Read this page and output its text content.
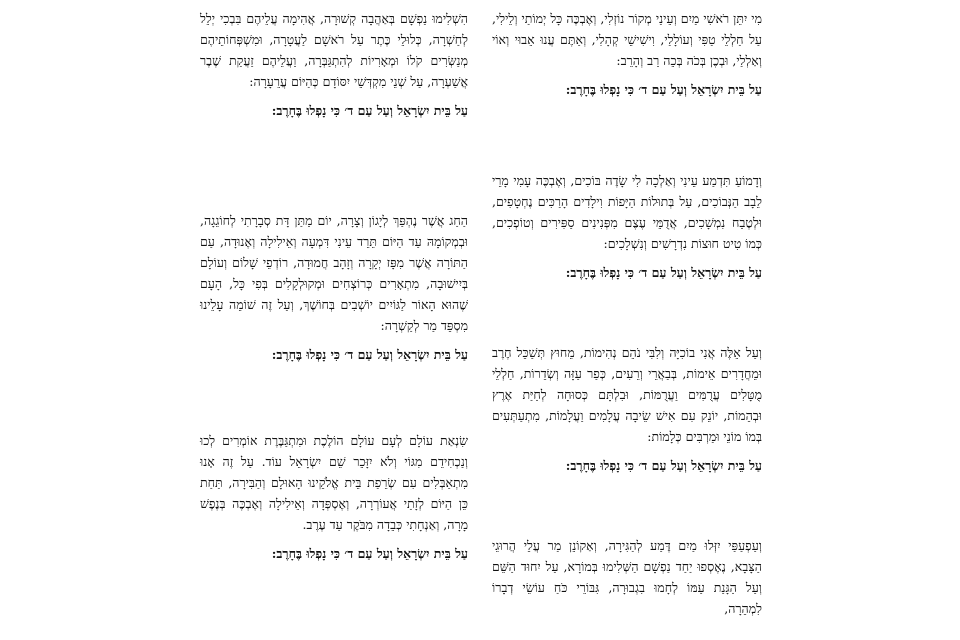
מִי יִתֵּן רֹאשִׁי מַיִם וְעֵינַי מְקוֹר נוֹזְלִי, וְאֶבְכֶּה כָּל יְמוֹתַי וְלֵילִי, עַל חַלְלֵי טַפִּי וְעוֹלָלַי, וִישִׁישֵׁי קְהָלִי, וְאַתֶּם עֲנוּ אֵבוּי וְאוֹי וְאַלְלַי, וּבְכֶן בְּכֹה בְּכֵה רַב וְהָרֵב:

עַל בֵּית יִשְׂרָאֵל וְעַל עַם ד׳ כִּי נָפְלוּ בֶּחָרֶב:

וְדָמוֹעַ תִּדְמַע עֵינִי וְאַלְכָה לִי שָׂדֶה בּוֹכִים, וְאֶבְכֶּה עָמִי מָרֵי לֵבָב הַנְּבוֹכִים, עַל בְּתוּלוֹת הַיָּפוֹת וִילָדִים הָרַכִּים נֶחְטָפִים, וּלְטֶבַח נִמְשָׁכִים, אֲדֻמֵּי עֶצֶם מִפְּנִינִים סַפִּירִים וְטוֹפְכִים, כְּמוֹ טִיט חוּצוֹת נִדְרָשִׁים וְנִשְׁלָכִים:

עַל בֵּית יִשְׂרָאֵל וְעַל עַם ד׳ כִּי נָפְלוּ בֶּחָרֶב:

וְעַל אֵלֶּה אֲנִי בוֹכִיָּה וְלִבִּי נֹהֵם נְהִימוֹת, מֵחוּץ תְּשַׁכֵּל חֶרֶב וּמֵחֲדָרִים אֵימוֹת, בְּבַאֲרֵי וְרֵעִים, כְּפַר עַזָּה וְשְׂדֵרוֹת, חַלְלֵי מֻטָּלִים עֲרֻמִּים וַעֲרֻמּוֹת, וּבִלְתָּם כְּסוּחָה לְחַיַּת אֶרֶץ וּבְהֵמוֹת, יוֹנֵק עִם אִישׁ שֵׂיבָה עֲלָמִים וַעֲלָמוֹת, מִתְעַתְּעִים בְּמוֹ מוֹנֵי וּמַרְבִּים כְּלָמוֹת:

עַל בֵּית יִשְׂרָאֵל וְעַל עַם ד׳ כִּי נָפְלוּ בֶּחָרֶב:

וְעַפְעַפַּי יִזְּלוּ מַיִם דֶּמַע לְהַגִּירָה, וְאַקוֹנֵן מַר עֲלֵי הֲרוּגֵי הַצָּבָא, נֶאֶסְפוּ יַחַד נַפְשָׁם הַשְּׁלִימוּ בְּמוֹרָא, עַל יִחוּד הַשֵּׁם וְעַל הַגָּנַת עַמּוֹ לְחָמוּ בִגְבוּרָה, גִּבּוֹרֵי כֹּחַ עוֹשֵׂי דְבָרוֹ לִמְהֵרָה,

הִשְׁלִימוּ נַפְשָׁם בְּאַהֲבָה קְשׁוּרָה, אֲהִימָה עֲלֵיהֶם בִּבְכִי יְלֵל לְחַשְׁרָה, כְּלוּלֵי כֶּתֶר עַל רֹאשָׁם לַעֲטָרָה, וּמִשְׁפְּחוֹתֵיהֶם מְנַשְּׂרִים קֹלוֹ וּמְאָרִיוֹת לְהִתְגַּבְּרָה, וַעֲלֵיהֶם זַעֲקַת שֶׁבֶר אֲשַׁעְרָה, עַל שְׁנֵי מִקְדְּשֵׁי יִסּוֹדָם כְּהַיּוֹם עֲרֵעָרָה:

עַל בֵּית יִשְׂרָאֵל וְעַל עַם ד׳ כִּי נָפְלוּ בֶּחָרֶב:

הַחַג אֲשֶׁר נֶהְפַּךְ לְיָגוֹן וְצָרָה, יוֹם מַתַּן דָּת סְבָרָתִי לְחוֹגֵגָה, וּבְמְקוֹמָהּ עַד הַיּוֹם תֵּרֵד עֵינִי דִּמְעָה וְאֵילִילָה וְאֶנוּדָה, עַם הַתּוֹרָה אֲשֶׁר מִפָּז יְקָרָה וְזָהָב חֲמוּדָה, רוֹדְפֵי שָׁלוֹם וְעוֹלָם בְּיִישׁוּבָה, מִתְאָרִים כְּרוֹצְחִים וּמְקוּלְקָלִים בְּפִי כָּל, הָעָם שֶׁהוּא הָאוֹר לַגּוֹיִים יוֹשְׁבִים בְּחוֹשֶׁךְ, וְעַל זֶה שׁוֹמֵה עָלֵינוּ מִסְפֵּד מַר לְקַשְׁרָה:

עַל בֵּית יִשְׂרָאֵל וְעַל עַם ד׳ כִּי נָפְלוּ בֶּחָרֶב:

שִׂנְאַת עוֹלָם לְעָם עוֹלָם הוֹלֶכֶת וּמִתְגַּבֶּרֶת אוֹמְרִים לְכוּ וְנַכְחִידֵם מִגּוֹי וְלֹא יִזָּכֵר שֵׁם יִשְׂרָאֵל עוֹד. עַל זֶה אָנוּ מִתְאַבְּלִים עִם שְׂרֵפַת בֵּית אֱלֹקֵינוּ הָאוּלָם וְהַבִּירָה, תַּחַת כֵּן הַיּוֹם לְזָתַי אֲעוֹרְרָה, וְאֶסְפְּדָה וְאֵילִילָה וְאֶבְכֶּה בְּנֶפֶשׁ מָרָה, וְאַנְחָתִי כְּבֵדָה מִבֹּקֶר עַד עֶרֶב.

עַל בֵּית יִשְׂרָאֵל וְעַל עַם ד׳ כִּי נָפְלוּ בֶּחָרֶב:
